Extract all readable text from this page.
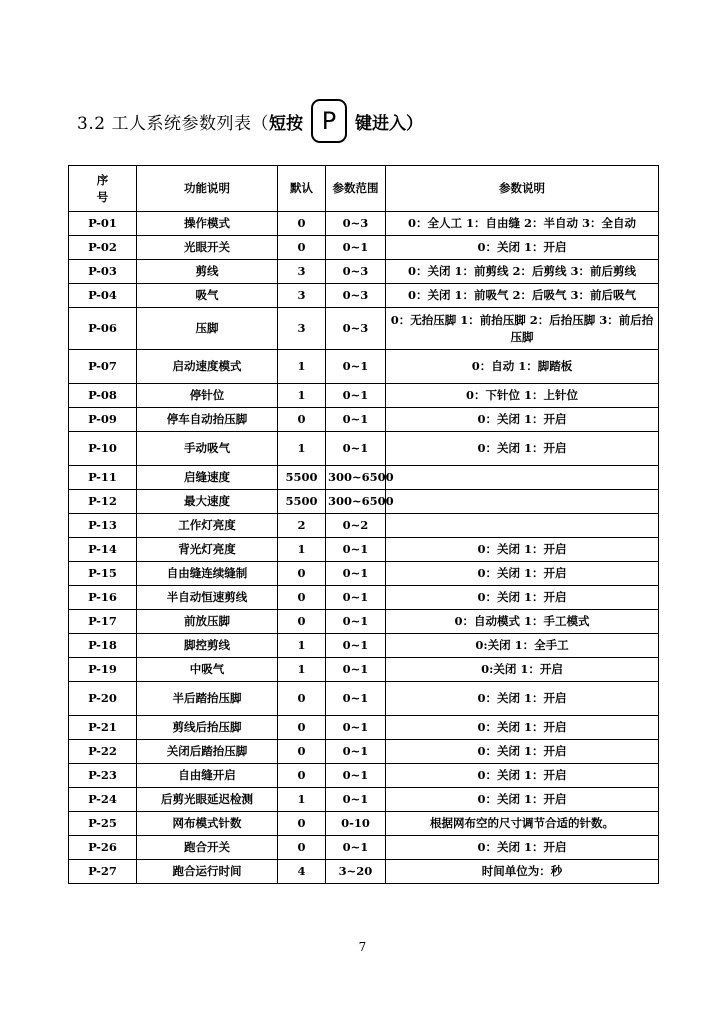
3.2 工人系统参数列表（ 短按 P	键进入）
序号	功能说明	默认	参数范围	参数说明
P-01	操作模式	0	0~3	0：全人工 1：自由缝 2：半自动 3：全自动
P-02	光眼开关	0	0~1	0：关闭 1：开启
P-03	剪线	3	0~3	0：关闭 1：前剪线 2：后剪线 3：前后剪线
P-04	吸气	3	0~3	0：关闭 1：前吸气 2：后吸气 3：前后吸气
P-06	压脚	3	0~3	0：无抬压脚 1：前抬压脚 2：后抬压脚 3：前后抬压脚
P-07	启动速度模式	1	0~1	0：自动 1：脚踏板
P-08	停针位	1	0~1	0：下针位 1：上针位
P-09	停车自动抬压脚	0	0~1	0：关闭 1：开启
P-10	手动吸气	1	0~1	0：关闭 1：开启
P-11	启缝速度	5500	300~6500	
P-12	最大速度	5500	300~6500	
P-13	工作灯亮度	2	0~2	
P-14	背光灯亮度	1	0~1	0：关闭 1：开启
P-15	自由缝连续缝制	0	0~1	0：关闭 1：开启
P-16	半自动恒速剪线	0	0~1	0：关闭 1：开启
P-17	前放压脚	0	0~1	0：自动模式 1：手工模式
P-18	脚控剪线	1	0~1	0:关闭 1：全手工
P-19	中吸气	1	0~1	0:关闭 1：开启
P-20	半后踏抬压脚	0	0~1	0：关闭 1：开启
P-21	剪线后抬压脚	0	0~1	0：关闭 1：开启
P-22	关闭后踏抬压脚	0	0~1	0：关闭 1：开启
P-23	自由缝开启	0	0~1	0：关闭 1：开启
P-24	后剪光眼延迟检测	1	0~1	0：关闭 1：开启
P-25	网布模式针数	0	0-10	根据网布空的尺寸调节合适的针数。
P-26	跑合开关	0	0~1	0：关闭 1：开启
P-27	跑合运行时间	4	3~20	时间单位为：秒
7
